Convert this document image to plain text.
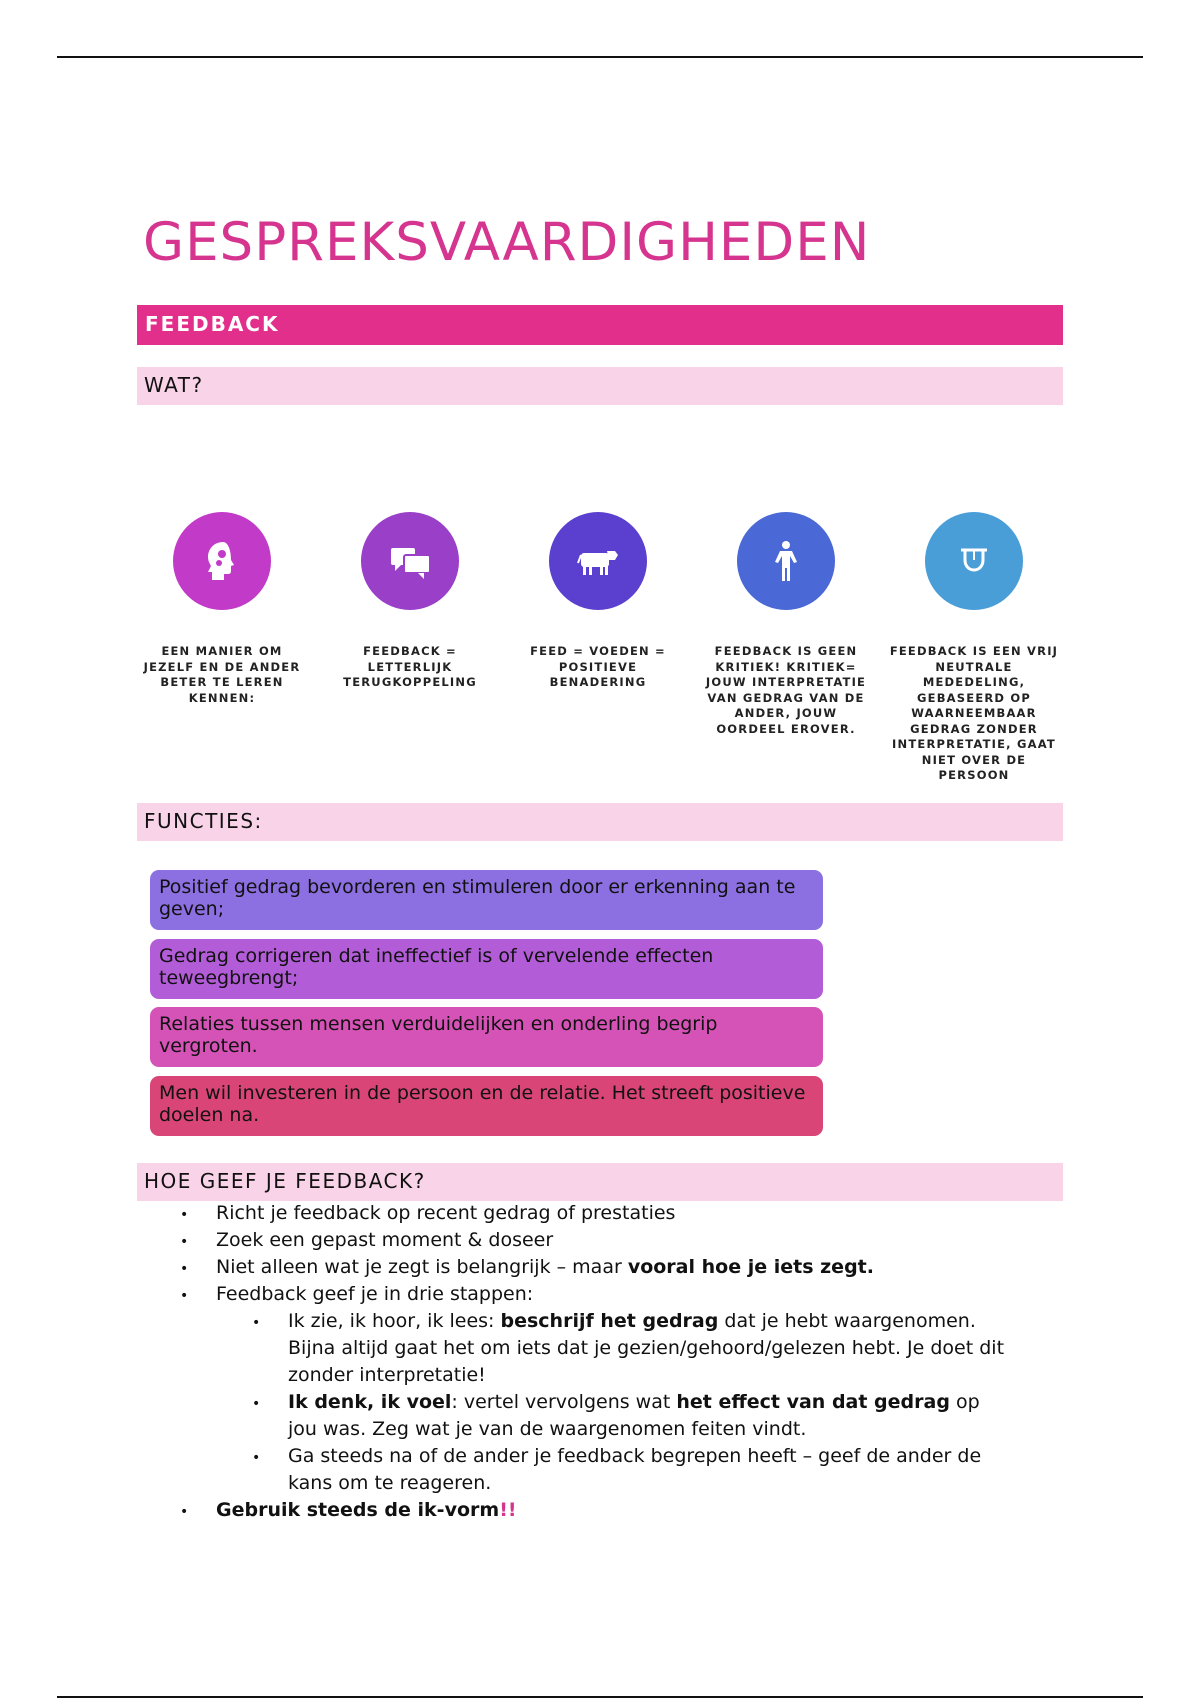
GESPREKSVAARDIGHEDEN
FEEDBACK
WAT?
EEN MANIER OM JEZELF EN DE ANDER BETER TE LEREN KENNEN:
FEEDBACK = LETTERLIJK TERUGKOPPELING
FEED = VOEDEN = POSITIEVE BENADERING
FEEDBACK IS GEEN KRITIEK! KRITIEK= JOUW INTERPRETATIE VAN GEDRAG VAN DE ANDER, JOUW OORDEEL EROVER.
FEEDBACK IS EEN VRIJ NEUTRALE MEDEDELING, GEBASEERD OP WAARNEEMBAAR GEDRAG ZONDER INTERPRETATIE, GAAT NIET OVER DE PERSOON
FUNCTIES:
Positief gedrag bevorderen en stimuleren door er erkenning aan te geven;
Gedrag corrigeren dat ineffectief is of vervelende effecten teweegbrengt;
Relaties tussen mensen verduidelijken en onderling begrip vergroten.
Men wil investeren in de persoon en de relatie. Het streeft positieve doelen na.
HOE GEEF JE FEEDBACK?
• Richt je feedback op recent gedrag of prestaties
• Zoek een gepast moment & doseer
• Niet alleen wat je zegt is belangrijk – maar vooral hoe je iets zegt.
• Feedback geef je in drie stappen:
• Ik zie, ik hoor, ik lees: beschrijf het gedrag dat je hebt waargenomen.
Bijna altijd gaat het om iets dat je gezien/gehoord/gelezen hebt. Je doet dit
zonder interpretatie!
• Ik denk, ik voel: vertel vervolgens wat het effect van dat gedrag op
jou was. Zeg wat je van de waargenomen feiten vindt.
• Ga steeds na of de ander je feedback begrepen heeft – geef de ander de
kans om te reageren.
• Gebruik steeds de ik-vorm!!
